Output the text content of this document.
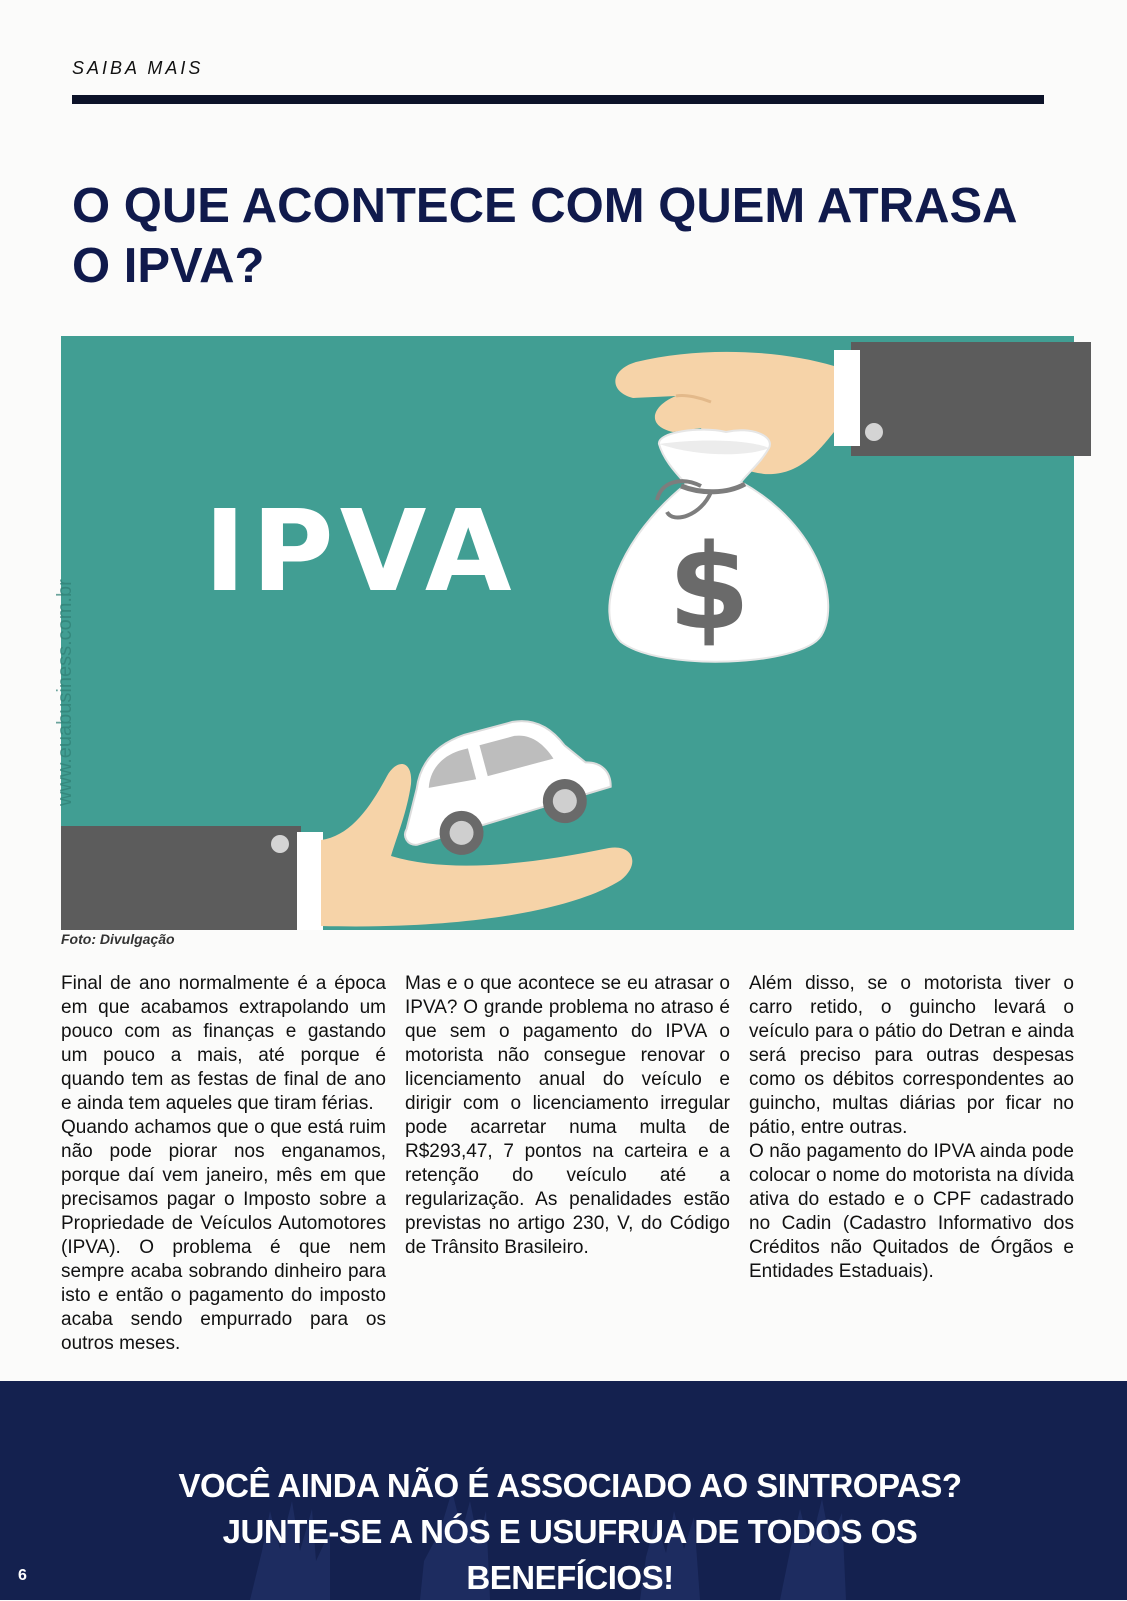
SAIBA MAIS
O QUE ACONTECE COM QUEM ATRASA O IPVA?
www.euabusiness.com.br
IPVA $
Foto: Divulgação

Final de ano normalmente é a época em que acabamos extrapolando um pouco com as finanças e gastando um pouco a mais, até porque é quando tem as festas de final de ano e ainda tem aqueles que tiram férias.

Quando achamos que o que está ruim não pode piorar nos enganamos, porque daí vem janeiro, mês em que precisamos pagar o Imposto sobre a Propriedade de Veículos Automotores (IPVA). O problema é que nem sempre acaba sobrando dinheiro para isto e então o pagamento do imposto acaba sendo empurrado para os outros meses.

Mas e o que acontece se eu atrasar o IPVA? O grande problema no atraso é que sem o pagamento do IPVA o motorista não consegue renovar o licenciamento anual do veículo e dirigir com o licenciamento irregular pode acarretar numa multa de R$293,47, 7 pontos na carteira e a retenção do veículo até a regularização. As penalidades estão previstas no artigo 230, V, do Código de Trânsito Brasileiro.

Além disso, se o motorista tiver o carro retido, o guincho levará o veículo para o pátio do Detran e ainda será preciso para outras despesas como os débitos correspondentes ao guincho, multas diárias por ficar no pátio, entre outras.

O não pagamento do IPVA ainda pode colocar o nome do motorista na dívida ativa do estado e o CPF cadastrado no Cadin (Cadastro Informativo dos Créditos não Quitados de Órgãos e Entidades Estaduais).

VOCÊ AINDA NÃO É ASSOCIADO AO SINTROPAS? JUNTE-SE A NÓS E USUFRUA DE TODOS OS BENEFÍCIOS!

6
